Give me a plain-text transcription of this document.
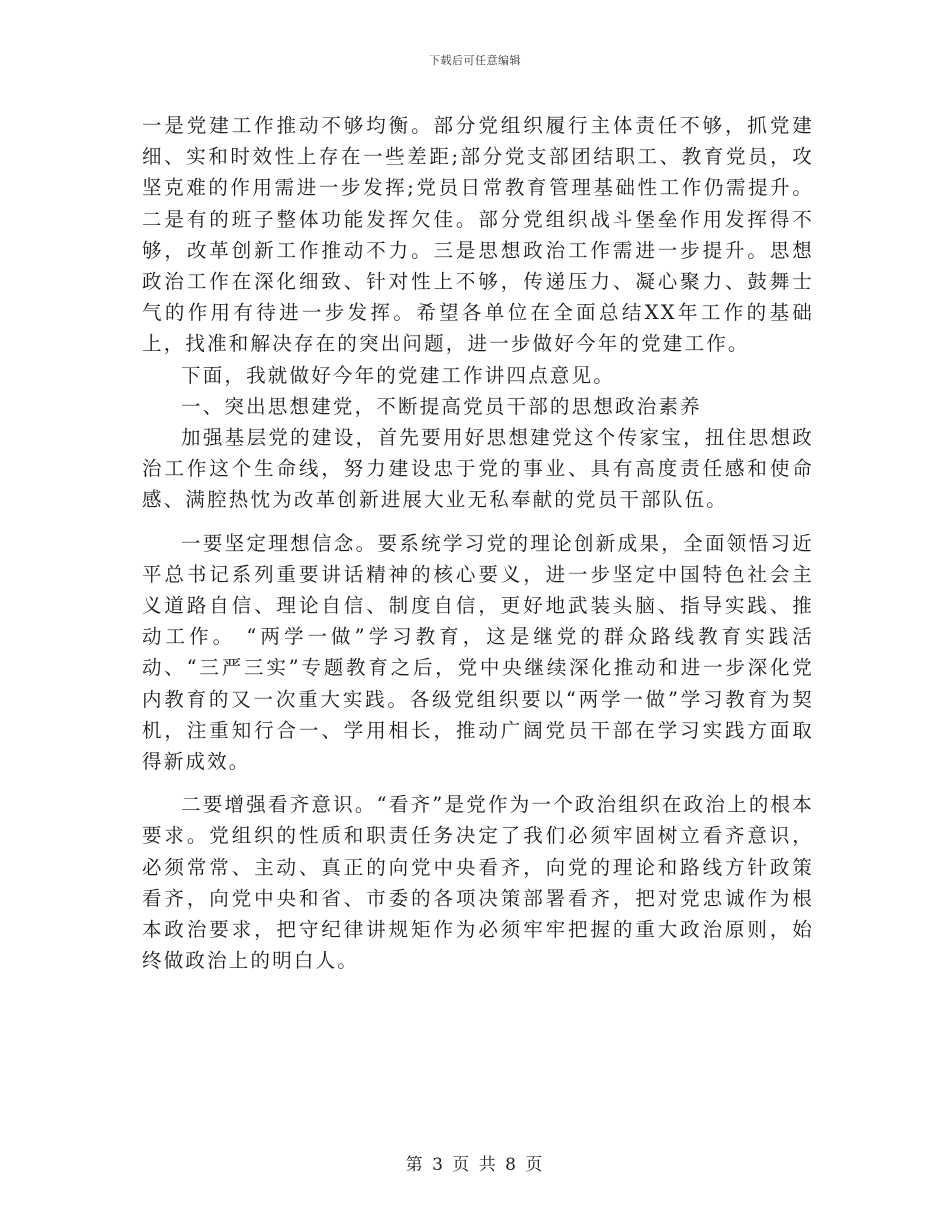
下载后可任意编辑

一是党建工作推动不够均衡。部分党组织履行主体责任不够，抓党建细、实和时效性上存在一些差距;部分党支部团结职工、教育党员，攻坚克难的作用需进一步发挥;党员日常教育管理基础性工作仍需提升。二是有的班子整体功能发挥欠佳。部分党组织战斗堡垒作用发挥得不够，改革创新工作推动不力。三是思想政治工作需进一步提升。思想政治工作在深化细致、针对性上不够，传递压力、凝心聚力、鼓舞士气的作用有待进一步发挥。希望各单位在全面总结XX年工作的基础上，找准和解决存在的突出问题，进一步做好今年的党建工作。

下面，我就做好今年的党建工作讲四点意见。

一、突出思想建党，不断提高党员干部的思想政治素养

加强基层党的建设，首先要用好思想建党这个传家宝，扭住思想政治工作这个生命线，努力建设忠于党的事业、具有高度责任感和使命感、满腔热忱为改革创新进展大业无私奉献的党员干部队伍。

一要坚定理想信念。要系统学习党的理论创新成果，全面领悟习近平总书记系列重要讲话精神的核心要义，进一步坚定中国特色社会主义道路自信、理论自信、制度自信，更好地武装头脑、指导实践、推动工作。 “两学一做”学习教育，这是继党的群众路线教育实践活动、“三严三实”专题教育之后，党中央继续深化推动和进一步深化党内教育的又一次重大实践。各级党组织要以“两学一做”学习教育为契机，注重知行合一、学用相长，推动广阔党员干部在学习实践方面取得新成效。

二要增强看齐意识。“看齐”是党作为一个政治组织在政治上的根本要求。党组织的性质和职责任务决定了我们必须牢固树立看齐意识，必须常常、主动、真正的向党中央看齐，向党的理论和路线方针政策看齐，向党中央和省、市委的各项决策部署看齐，把对党忠诚作为根本政治要求，把守纪律讲规矩作为必须牢牢把握的重大政治原则，始终做政治上的明白人。

第 3 页 共 8 页
